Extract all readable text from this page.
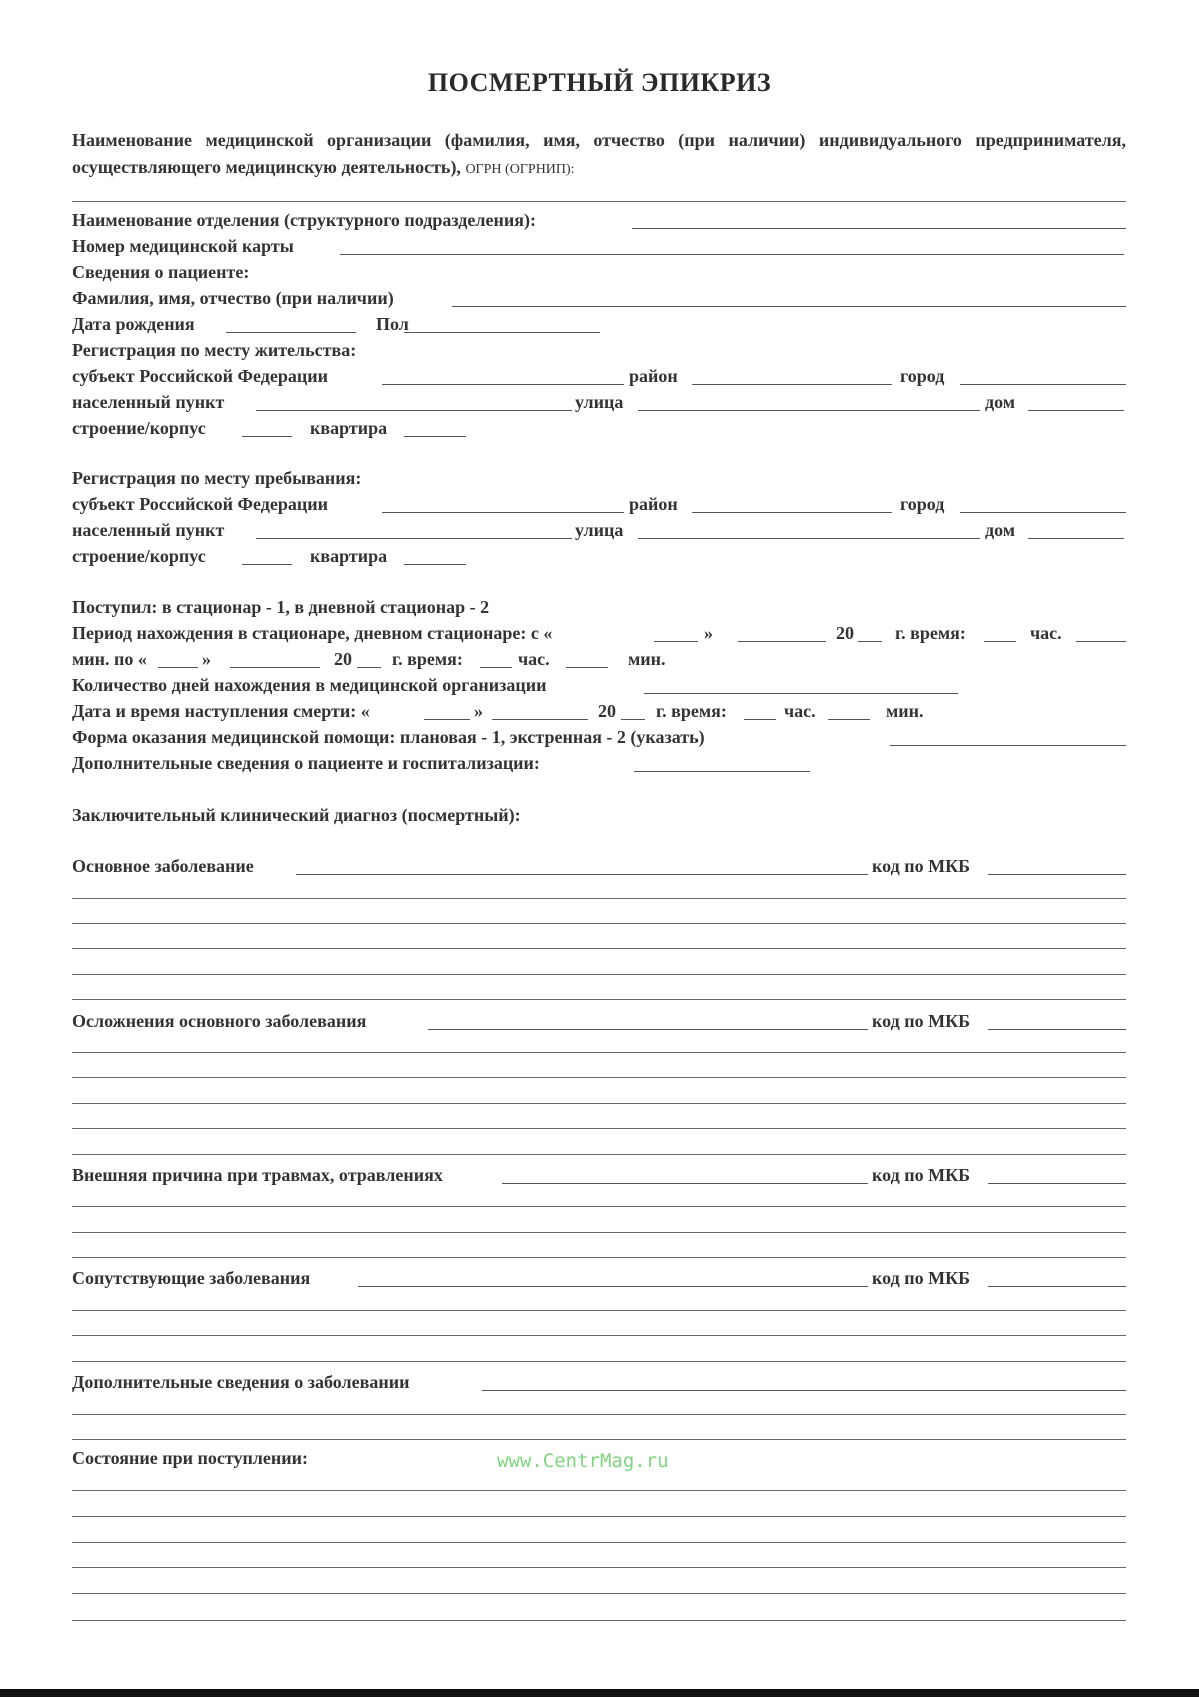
ПОСМЕРТНЫЙ ЭПИКРИЗ
Наименование медицинской организации (фамилия, имя, отчество (при наличии) индивидуального предпринимателя, осуществляющего медицинскую деятельность), ОГРН (ОГРНИП):
Наименование отделения (структурного подразделения):
Номер медицинской карты
Сведения о пациенте:
Фамилия, имя, отчество (при наличии)
Дата рождения	Пол
Регистрация по месту жительства:
субъект Российской Федерации	район	город
населенный пункт	улица	дом
строение/корпус	квартира
Регистрация по месту пребывания:
субъект Российской Федерации	район	город
населенный пункт	улица	дом
строение/корпус	квартира
Поступил: в стационар - 1, в дневной стационар - 2
Период нахождения в стационаре, дневном стационаре: с «	»	20 г. время:	час.
мин. по «	»	20 г. время:	час.	мин.
Количество дней нахождения в медицинской организации
Дата и время наступления смерти: «	»	20 г. время:	час.	мин.
Форма оказания медицинской помощи: плановая - 1, экстренная - 2 (указать)
Дополнительные сведения о пациенте и госпитализации:
Заключительный клинический диагноз (посмертный):
Основное заболевание	код по МКБ
Осложнения основного заболевания	код по МКБ
Внешняя причина при травмах, отравлениях	код по МКБ
Сопутствующие заболевания	код по МКБ
Дополнительные сведения о заболевании
Состояние при поступлении:	www.CentrMag.ru
